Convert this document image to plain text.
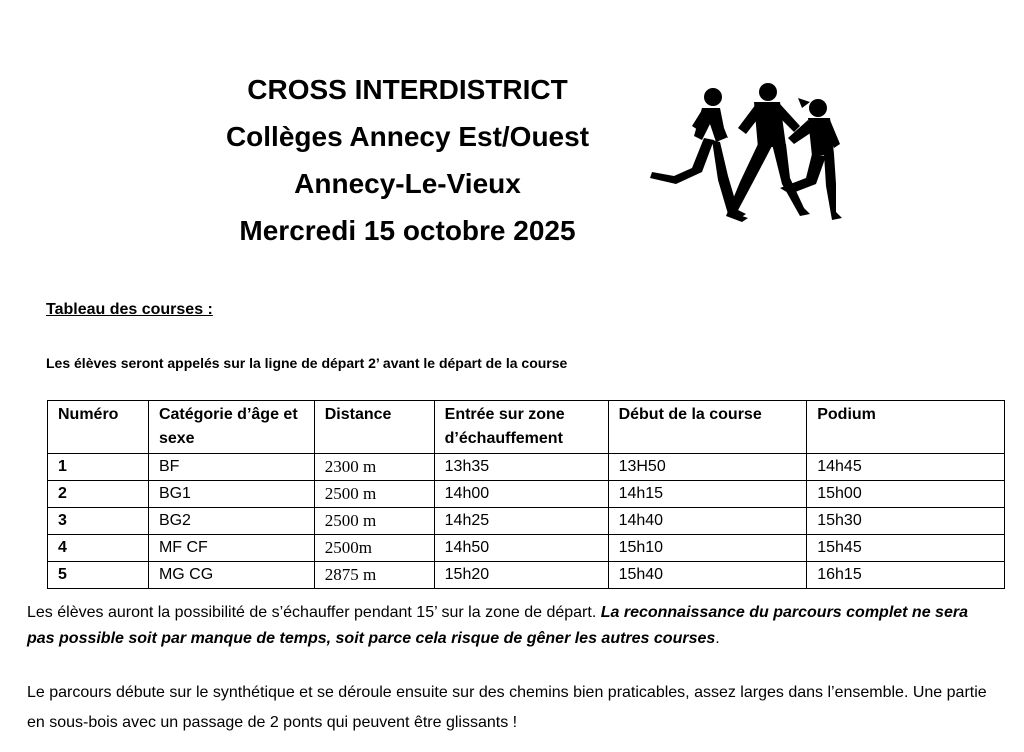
CROSS INTERDISTRICT
Collèges Annecy Est/Ouest
Annecy-Le-Vieux
Mercredi 15 octobre 2025
Tableau des courses :
Les élèves seront appelés sur la ligne de départ 2’ avant le départ de la course
Numéro	Catégorie d’âge et sexe	Distance	Entrée sur zone d’échauffement	Début de la course	Podium
1	BF	2300 m	13h35	13H50	14h45
2	BG1	2500 m	14h00	14h15	15h00
3	BG2	2500 m	14h25	14h40	15h30
4	MF CF	2500m	14h50	15h10	15h45
5	MG CG	2875 m	15h20	15h40	16h15
Les élèves auront la possibilité de s’échauffer pendant 15’ sur la zone de départ. La reconnaissance du parcours complet ne sera pas possible soit par manque de temps, soit parce cela risque de gêner les autres courses.
Le parcours débute sur le synthétique et se déroule ensuite sur des chemins bien praticables, assez larges dans l’ensemble. Une partie en sous-bois avec un passage de 2 ponts qui peuvent être glissants !
